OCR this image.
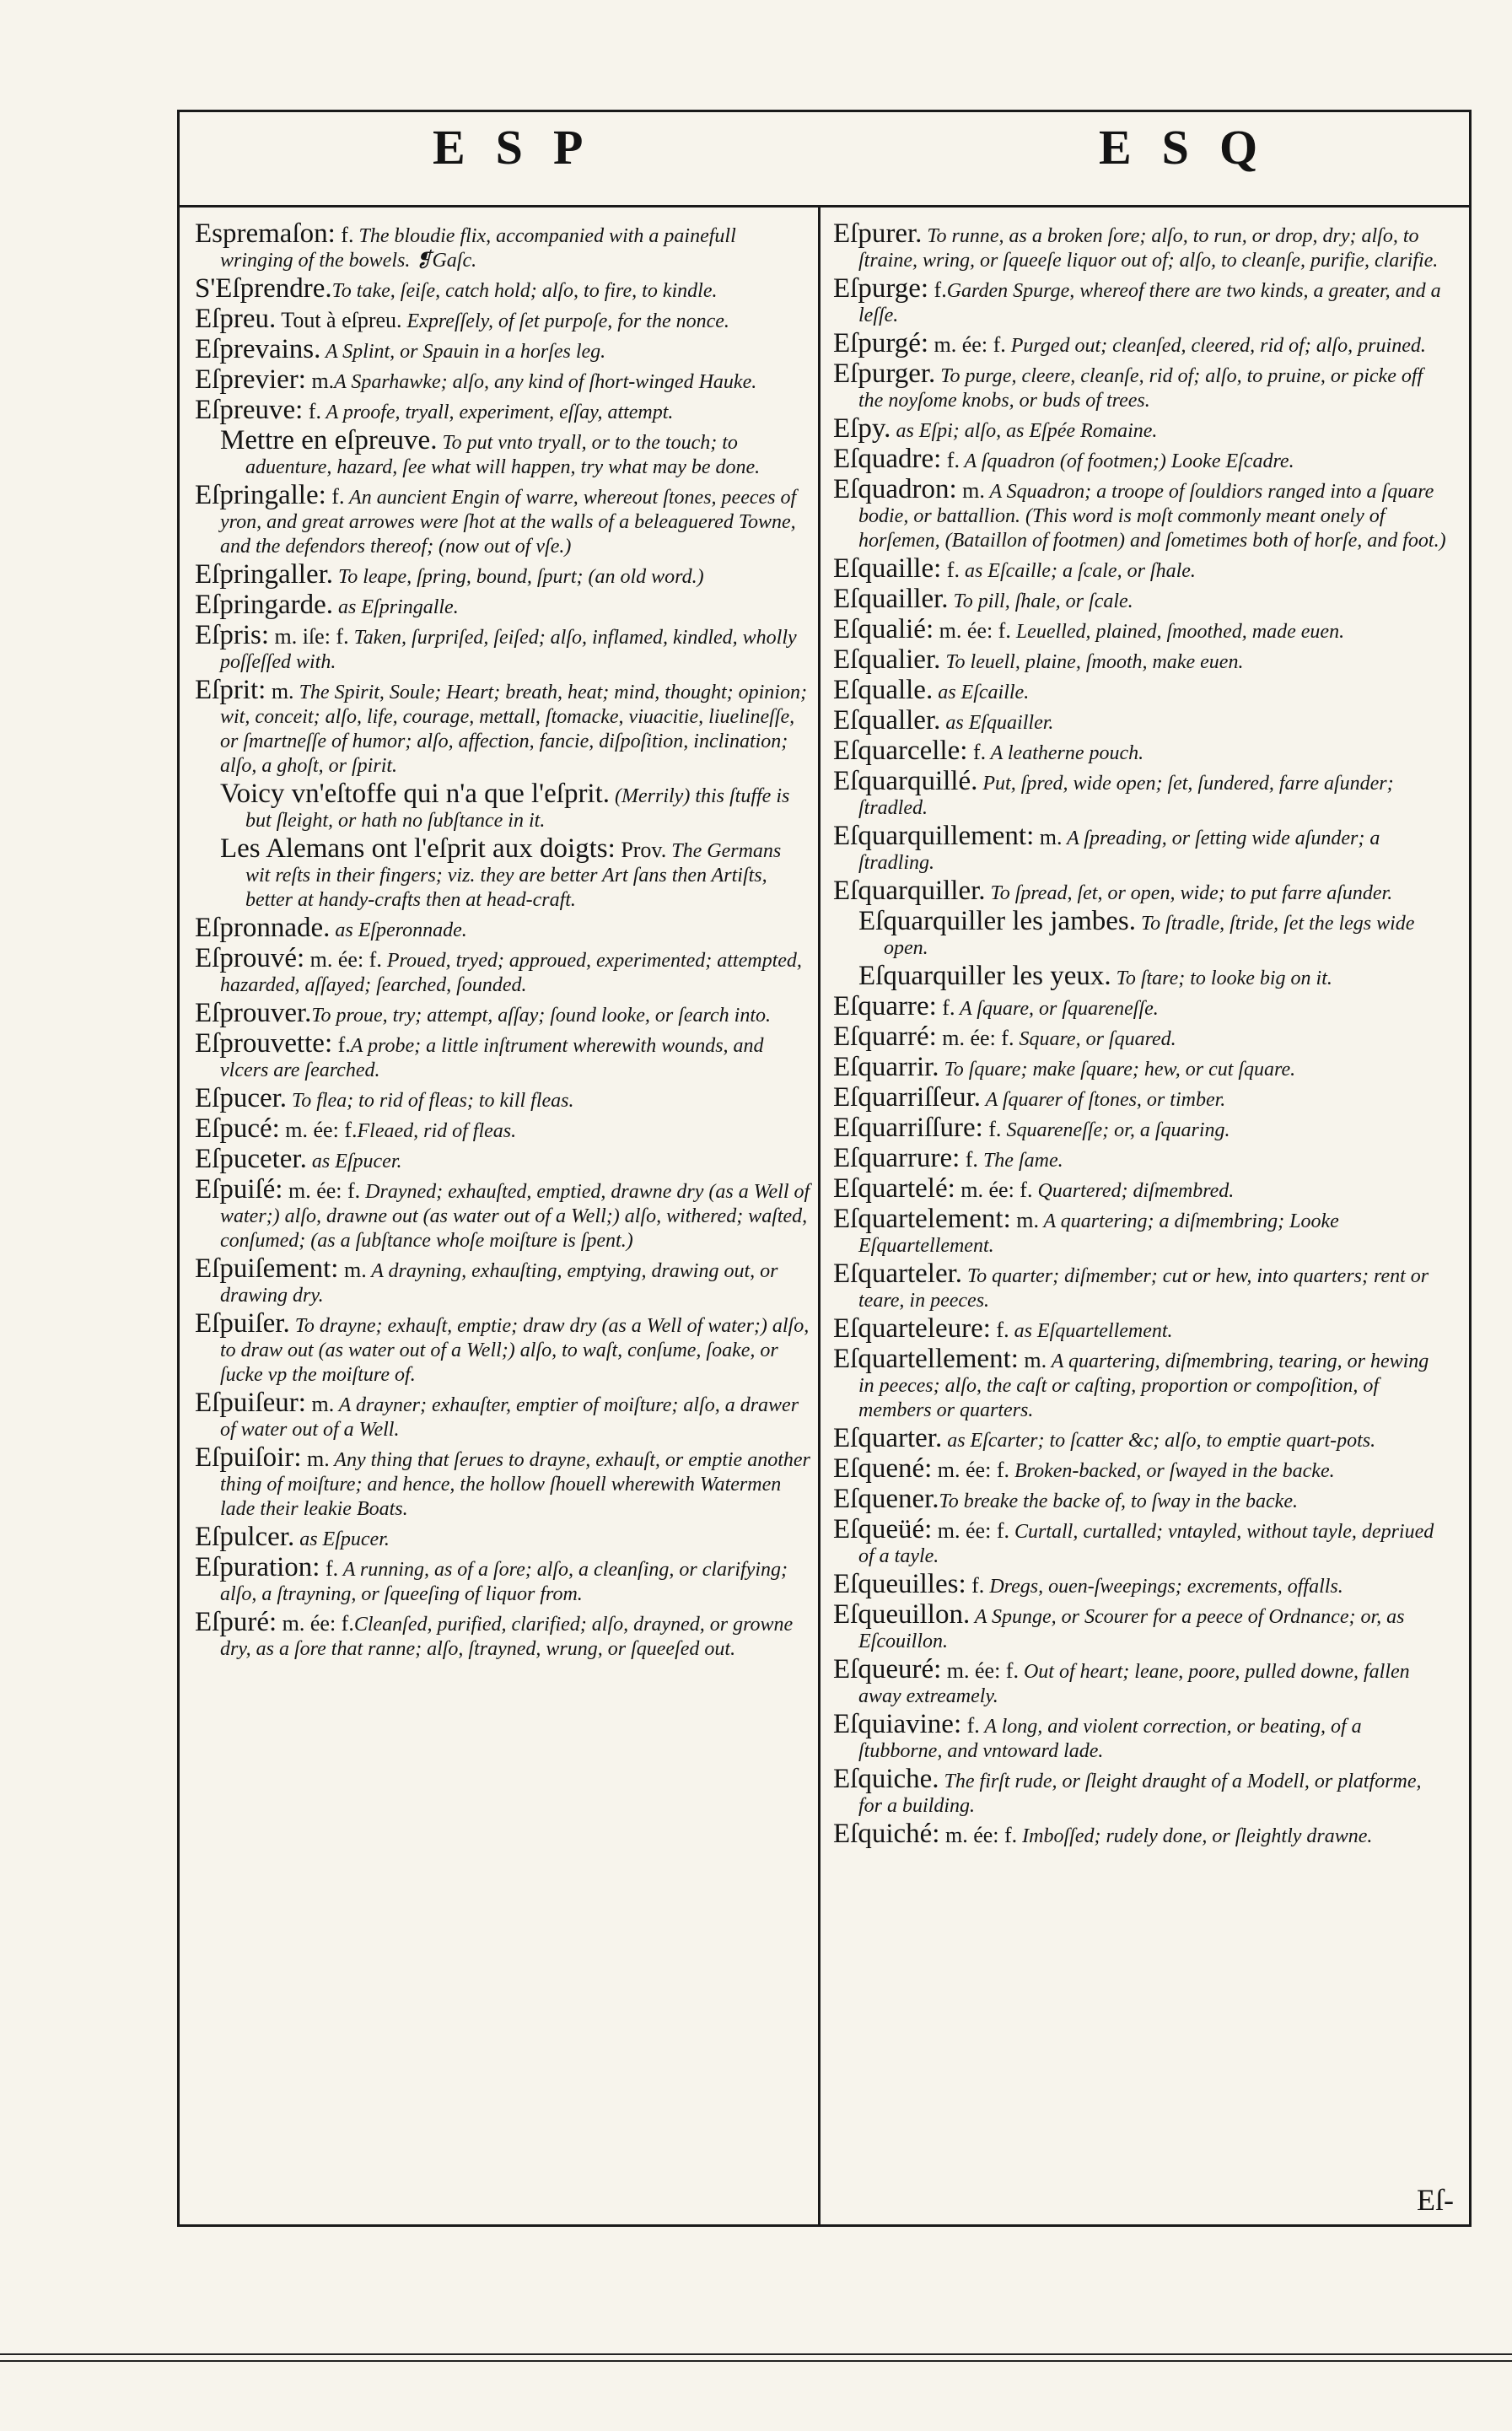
ESP	ESQ

Espremaſon: f. The bloudie flix, accompanied with a painefull wringing of the bowels. ❡Gaſc.

S'Eſprendre.To take, ſeiſe, catch hold; alſo, to fire, to kindle.

Eſpreu. Tout à eſpreu. Expreſſely, of ſet purpoſe, for the nonce.

Eſprevains. A Splint, or Spauin in a horſes leg.

Eſprevier: m.A Sparhawke; alſo, any kind of ſhort-winged Hauke.

Eſpreuve: f. A proofe, tryall, experiment, eſſay, attempt.

Mettre en eſpreuve. To put vnto tryall, or to the touch; to aduenture, hazard, ſee what will happen, try what may be done.

Eſpringalle: f. An auncient Engin of warre, whereout ſtones, peeces of yron, and great arrowes were ſhot at the walls of a beleaguered Towne, and the defendors thereof; (now out of vſe.)

Eſpringaller. To leape, ſpring, bound, ſpurt; (an old word.)

Eſpringarde. as Eſpringalle.

Eſpris: m. iſe: f. Taken, ſurpriſed, ſeiſed; alſo, inflamed, kindled, wholly poſſeſſed with.

Eſprit: m. The Spirit, Soule; Heart; breath, heat; mind, thought; opinion; wit, conceit; alſo, life, courage, mettall, ſtomacke, viuacitie, liuelineſſe, or ſmartneſſe of humor; alſo, affection, fancie, diſpoſition, inclination; alſo, a ghoſt, or ſpirit.

Voicy vn'eſtoffe qui n'a que l'eſprit. (Merrily) this ſtuffe is but ſleight, or hath no ſubſtance in it.

Les Alemans ont l'eſprit aux doigts: Prov. The Germans wit reſts in their fingers; viz. they are better Art ſans then Artiſts, better at handy-crafts then at head-craft.

Eſpronnade. as Eſperonnade.

Eſprouvé: m. ée: f. Proued, tryed; approued, experimented; attempted, hazarded, aſſayed; ſearched, ſounded.

Eſprouver.To proue, try; attempt, aſſay; ſound looke, or ſearch into.

Eſprouvette: f.A probe; a little inſtrument wherewith wounds, and vlcers are ſearched.

Eſpucer. To flea; to rid of fleas; to kill fleas.

Eſpucé: m. ée: f.Fleaed, rid of fleas.

Eſpuceter. as Eſpucer.

Eſpuiſé: m. ée: f. Drayned; exhauſted, emptied, drawne dry (as a Well of water;) alſo, drawne out (as water out of a Well;) alſo, withered; waſted, conſumed; (as a ſubſtance whoſe moiſture is ſpent.)

Eſpuiſement: m. A drayning, exhauſting, emptying, drawing out, or drawing dry.

Eſpuiſer. To drayne; exhauſt, emptie; draw dry (as a Well of water;) alſo, to draw out (as water out of a Well;) alſo, to waſt, conſume, ſoake, or ſucke vp the moiſture of.

Eſpuiſeur: m. A drayner; exhauſter, emptier of moiſture; alſo, a drawer of water out of a Well.

Eſpuiſoir: m. Any thing that ſerues to drayne, exhauſt, or emptie another thing of moiſture; and hence, the hollow ſhouell wherewith Watermen lade their leakie Boats.

Eſpulcer. as Eſpucer.

Eſpuration: f. A running, as of a ſore; alſo, a cleanſing, or clarifying; alſo, a ſtrayning, or ſqueeſing of liquor from.

Eſpuré: m. ée: f.Cleanſed, purified, clarified; alſo, drayned, or growne dry, as a ſore that ranne; alſo, ſtrayned, wrung, or ſqueeſed out.

Eſpurer. To runne, as a broken ſore; alſo, to run, or drop, dry; alſo, to ſtraine, wring, or ſqueeſe liquor out of; alſo, to cleanſe, purifie, clarifie.

Eſpurge: f.Garden Spurge, whereof there are two kinds, a greater, and a leſſe.

Eſpurgé: m. ée: f. Purged out; cleanſed, cleered, rid of; alſo, pruined.

Eſpurger. To purge, cleere, cleanſe, rid of; alſo, to pruine, or picke off the noyſome knobs, or buds of trees.

Eſpy. as Eſpi; alſo, as Eſpée Romaine.

Eſquadre: f. A ſquadron (of footmen;) Looke Eſcadre.

Eſquadron: m. A Squadron; a troope of ſouldiors ranged into a ſquare bodie, or battallion. (This word is moſt commonly meant onely of horſemen, (Bataillon of footmen) and ſometimes both of horſe, and foot.)

Eſquaille: f. as Eſcaille; a ſcale, or ſhale.

Eſquailler. To pill, ſhale, or ſcale.

Eſqualié: m. ée: f. Leuelled, plained, ſmoothed, made euen.

Eſqualier. To leuell, plaine, ſmooth, make euen.

Eſqualle. as Eſcaille.

Eſqualler. as Eſquailler.

Eſquarcelle: f. A leatherne pouch.

Eſquarquillé. Put, ſpred, wide open; ſet, ſundered, farre aſunder; ſtradled.

Eſquarquillement: m. A ſpreading, or ſetting wide aſunder; a ſtradling.

Eſquarquiller. To ſpread, ſet, or open, wide; to put farre aſunder.

Eſquarquiller les jambes. To ſtradle, ſtride, ſet the legs wide open.

Eſquarquiller les yeux. To ſtare; to looke big on it.

Eſquarre: f. A ſquare, or ſquareneſſe.

Eſquarré: m. ée: f. Square, or ſquared.

Eſquarrir. To ſquare; make ſquare; hew, or cut ſquare.

Eſquarriſſeur. A ſquarer of ſtones, or timber.

Eſquarriſſure: f. Squareneſſe; or, a ſquaring.

Eſquarrure: f. The ſame.

Eſquartelé: m. ée: f. Quartered; diſmembred.

Eſquartelement: m. A quartering; a diſmembring; Looke Eſquartellement.

Eſquarteler. To quarter; diſmember; cut or hew, into quarters; rent or teare, in peeces.

Eſquarteleure: f. as Eſquartellement.

Eſquartellement: m. A quartering, diſmembring, tearing, or hewing in peeces; alſo, the caſt or caſting, proportion or compoſition, of members or quarters.

Eſquarter. as Eſcarter; to ſcatter &c; alſo, to emptie quart-pots.

Eſquené: m. ée: f. Broken-backed, or ſwayed in the backe.

Eſquener.To breake the backe of, to ſway in the backe.

Eſqueüé: m. ée: f. Curtall, curtalled; vntayled, without tayle, depriued of a tayle.

Eſqueuilles: f. Dregs, ouen-ſweepings; excrements, offalls.

Eſqueuillon. A Spunge, or Scourer for a peece of Ordnance; or, as Eſcouillon.

Eſqueuré: m. ée: f. Out of heart; leane, poore, pulled downe, fallen away extreamely.

Eſquiavine: f. A long, and violent correction, or beating, of a ſtubborne, and vntoward lade.

Eſquiche. The firſt rude, or ſleight draught of a Modell, or platforme, for a building.

Eſquiché: m. ée: f. Imboſſed; rudely done, or ſleightly drawne.

Eſ-
